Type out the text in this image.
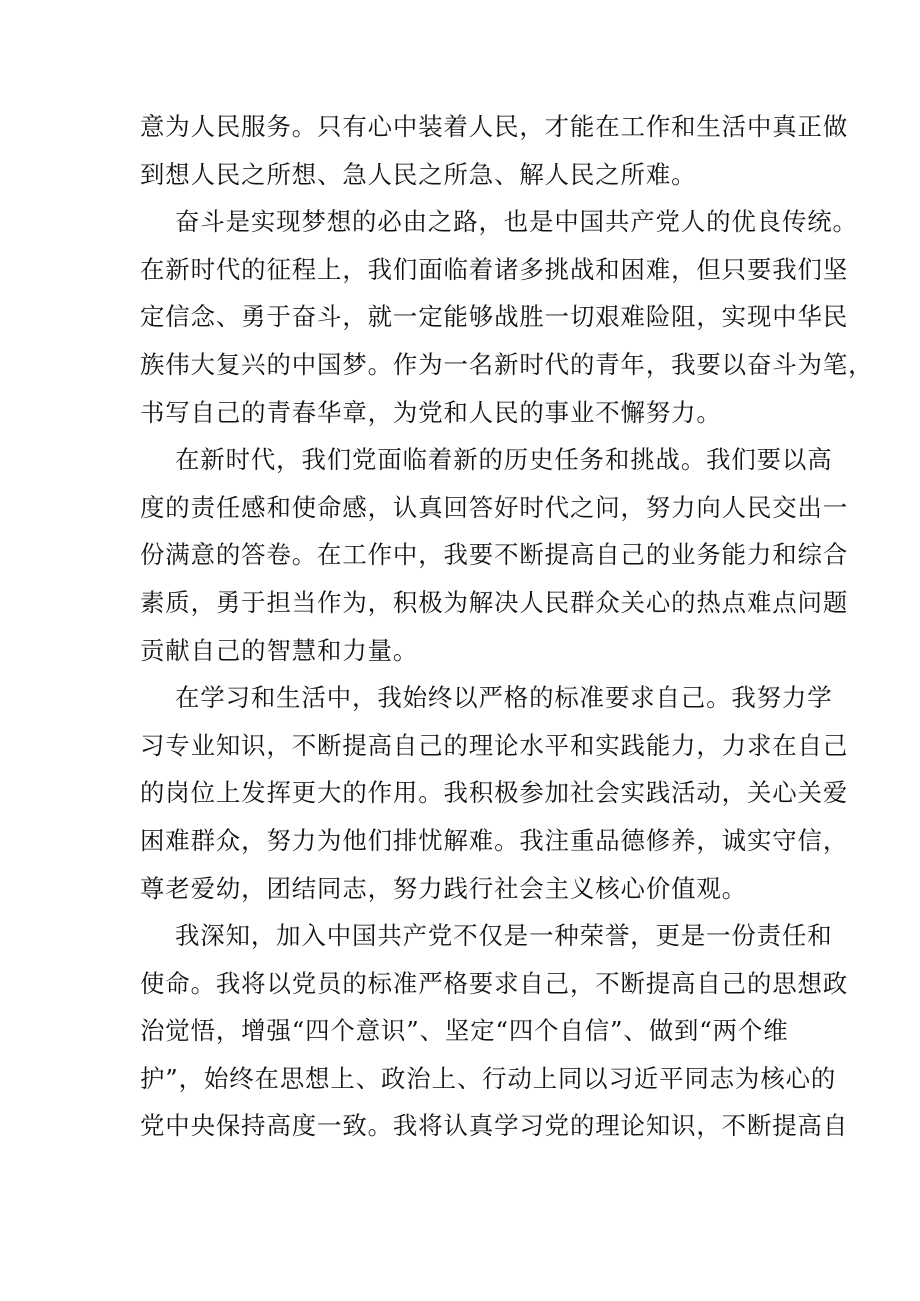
意为人民服务。只有心中装着人民，才能在工作和生活中真正做
到想人民之所想、急人民之所急、解人民之所难。
奋斗是实现梦想的必由之路，也是中国共产党人的优良传统。
在新时代的征程上，我们面临着诸多挑战和困难，但只要我们坚
定信念、勇于奋斗，就一定能够战胜一切艰难险阻，实现中华民
族伟大复兴的中国梦。作为一名新时代的青年，我要以奋斗为笔，
书写自己的青春华章，为党和人民的事业不懈努力。
在新时代，我们党面临着新的历史任务和挑战。我们要以高
度的责任感和使命感，认真回答好时代之问，努力向人民交出一
份满意的答卷。在工作中，我要不断提高自己的业务能力和综合
素质，勇于担当作为，积极为解决人民群众关心的热点难点问题
贡献自己的智慧和力量。
在学习和生活中，我始终以严格的标准要求自己。我努力学
习专业知识，不断提高自己的理论水平和实践能力，力求在自己
的岗位上发挥更大的作用。我积极参加社会实践活动，关心关爱
困难群众，努力为他们排忧解难。我注重品德修养，诚实守信，
尊老爱幼，团结同志，努力践行社会主义核心价值观。
我深知，加入中国共产党不仅是一种荣誉，更是一份责任和
使命。我将以党员的标准严格要求自己，不断提高自己的思想政
治觉悟，增强“四个意识”、坚定“四个自信”、做到“两个维
护”，始终在思想上、政治上、行动上同以习近平同志为核心的
党中央保持高度一致。我将认真学习党的理论知识，不断提高自
